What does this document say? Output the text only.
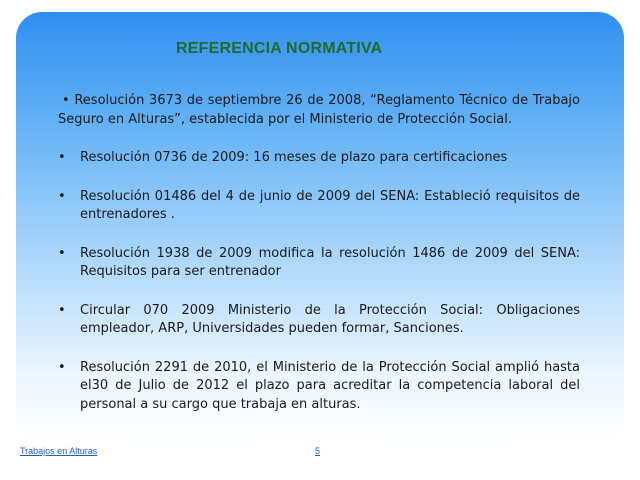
REFERENCIA NORMATIVA
• Resolución 3673 de septiembre 26 de 2008, “Reglamento Técnico de Trabajo Seguro en Alturas”, establecida por el Ministerio de Protección Social.
• Resolución 0736 de 2009: 16 meses de plazo para certificaciones
• Resolución 01486 del 4 de junio de 2009 del SENA: Estableció requisitos de entrenadores .
• Resolución 1938 de 2009 modifica la resolución 1486 de 2009 del SENA: Requisitos para ser entrenador
• Circular 070 2009 Ministerio de la Protección Social: Obligaciones empleador, ARP, Universidades pueden formar, Sanciones.
• Resolución 2291 de 2010, el Ministerio de la Protección Social amplió hasta el30 de Julio de 2012 el plazo para acreditar la competencia laboral del personal a su cargo que trabaja en alturas.
Trabajos en Alturas	5
